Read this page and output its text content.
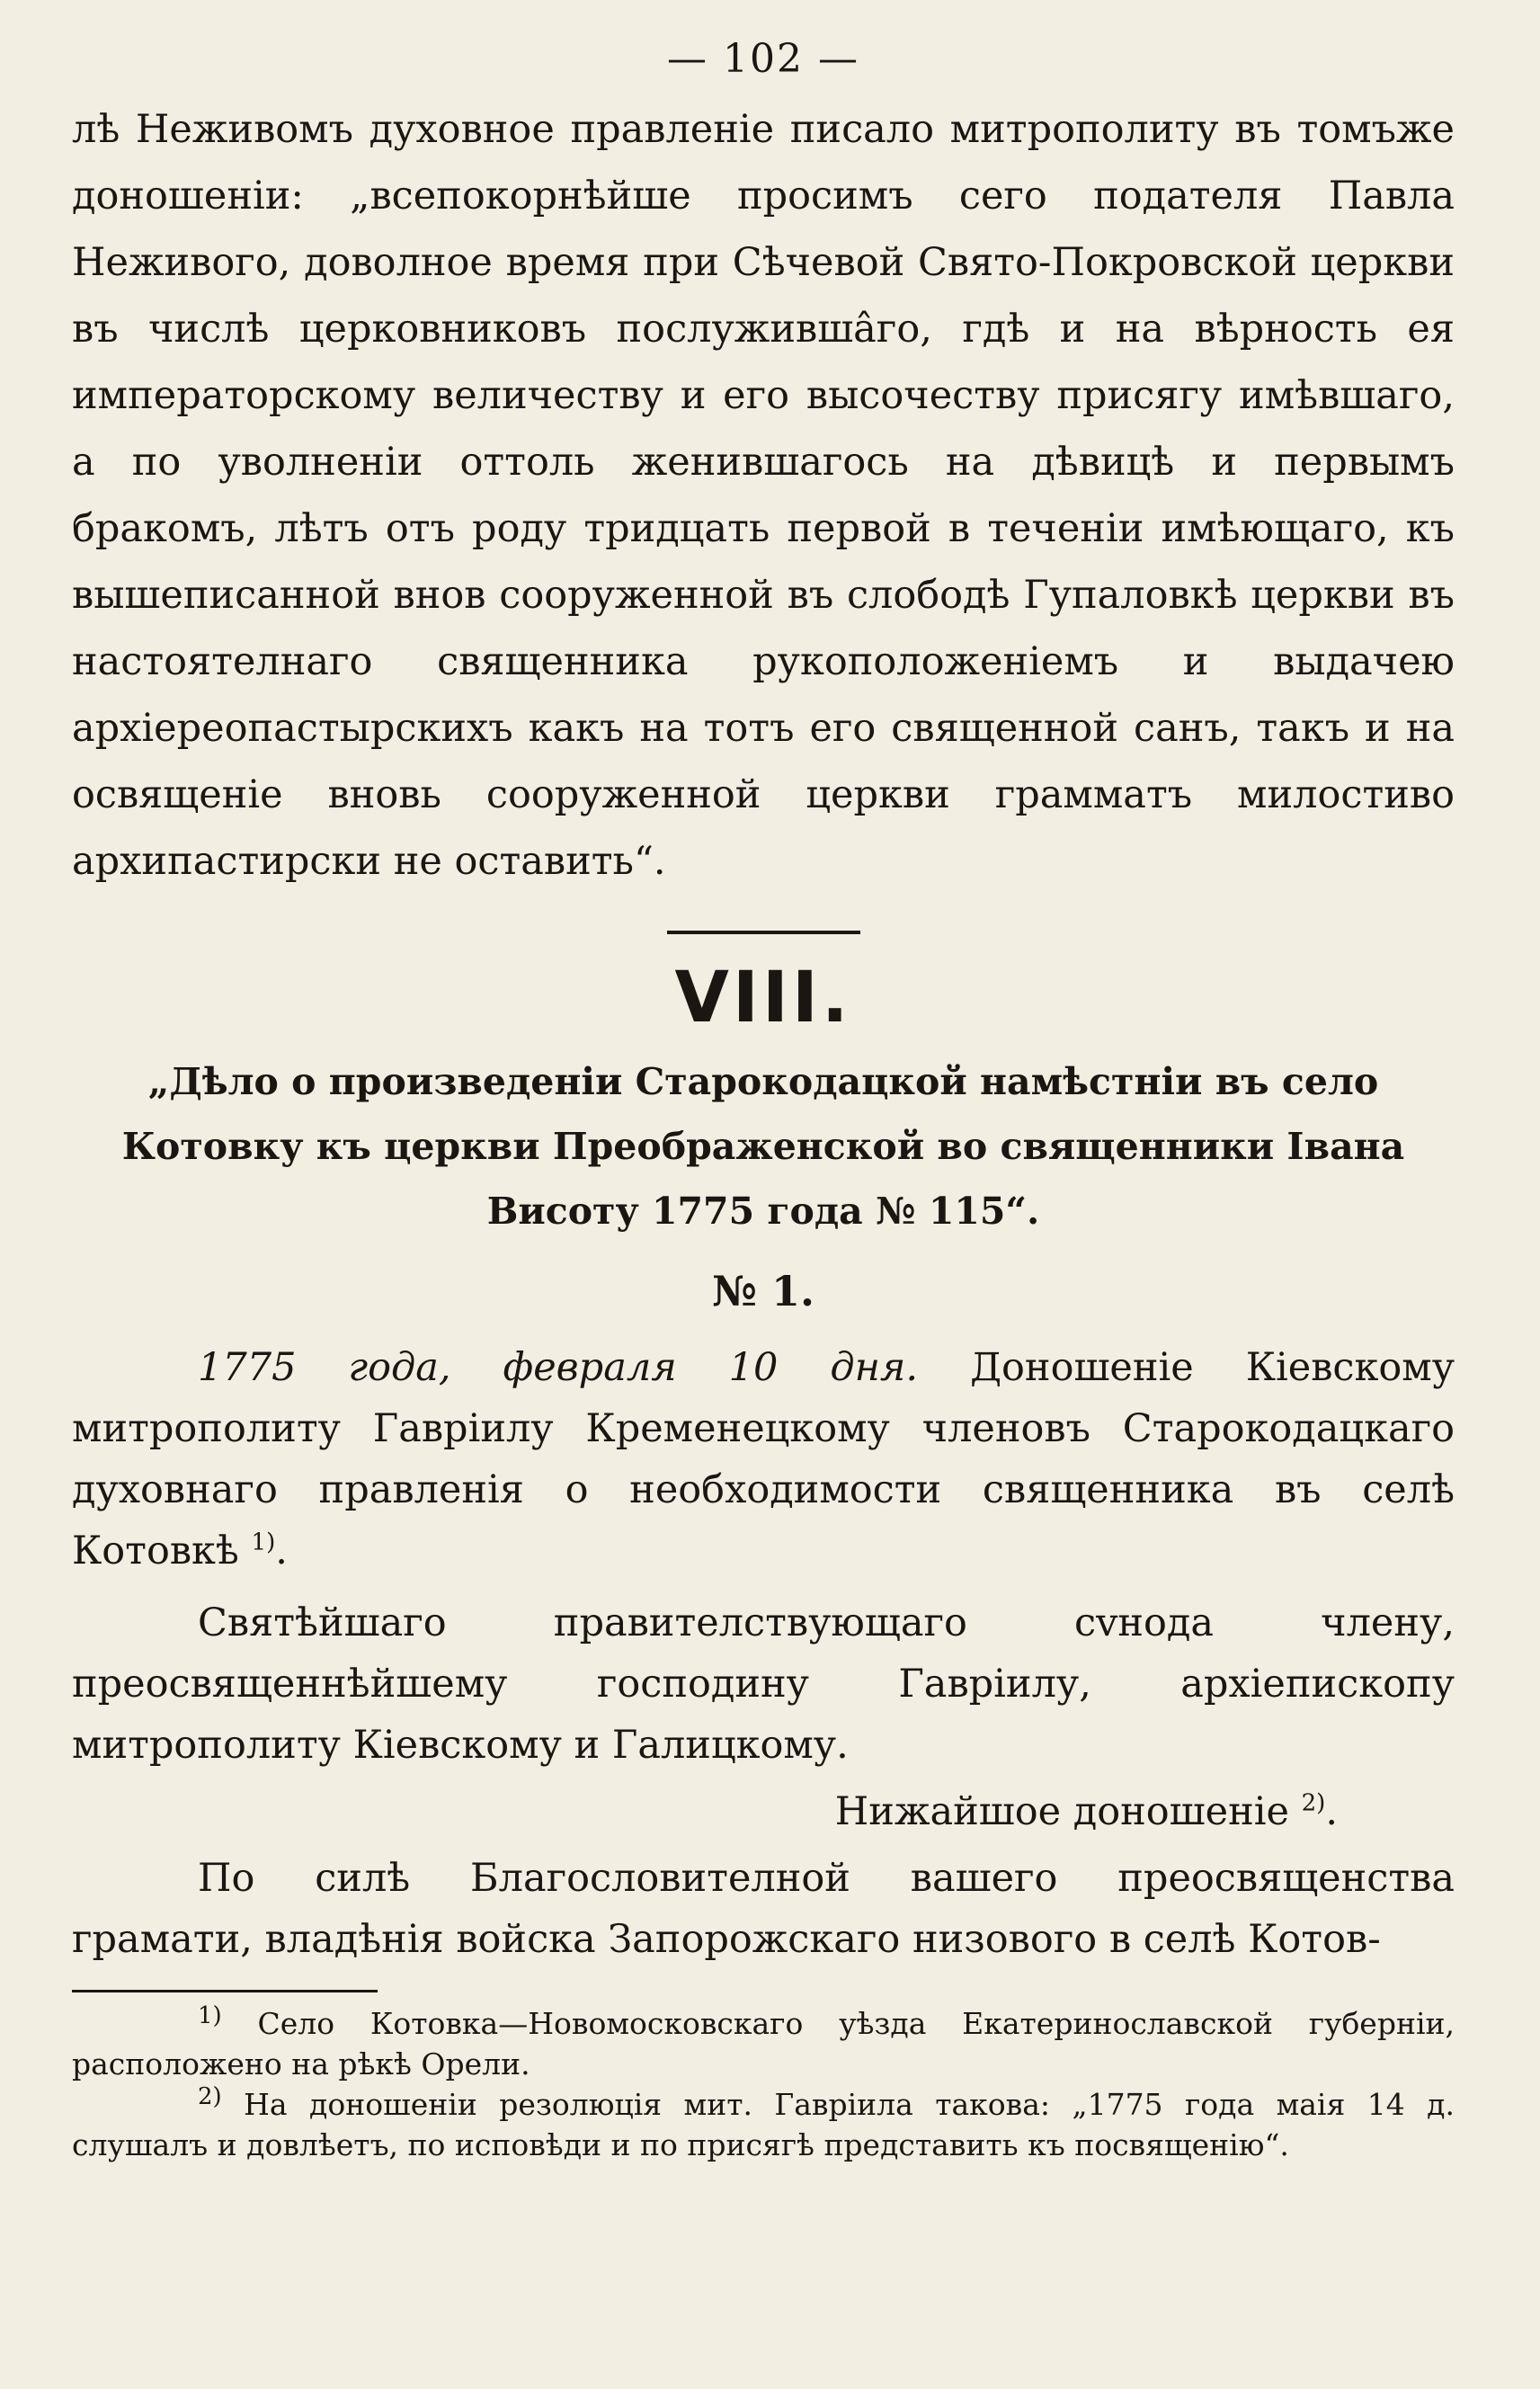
— 102 —

лѣ Неживомъ духовное правленіе писало митрополиту въ томъже доношеніи: „всепокорнѣйше просимъ сего подателя Павла Неживого, доволное время при Сѣчевой Свято-Покровской церкви въ числѣ церковниковъ послуживша̂го, гдѣ и на вѣрность ея императорскому величеству и его высочеству присягу имѣвшаго, а по уволненіи оттоль женившагось на дѣвицѣ и первымъ бракомъ, лѣтъ отъ роду тридцать первой в теченіи имѣющаго, къ вышеписанной внов сооруженной въ слободѣ Гупаловкѣ церкви въ настоятелнаго священника рукоположеніемъ и выдачею архіереопастырскихъ какъ на тотъ его священной санъ, такъ и на освященіе вновь сооруженной церкви грамматъ милостиво архипастирски не оставить“.

VIII.

„Дѣло о произведеніи Старокодацкой намѣстніи въ село Котовку къ церкви Преображенской во священники Івана Висоту 1775 года № 115“.

№ 1.

1775 года, февраля 10 дня. Доношеніе Кіевскому митрополиту Гавріилу Кременецкому членовъ Старокодацкаго духовнаго правленія о необходимости священника въ селѣ Котовкѣ $^{1)}$.

Святѣйшаго правителствующаго сvнода члену, преосвященнѣйшему господину Гавріилу, архіепископу митрополиту Кіевскому и Галицкому.

Нижайшое доношеніе $^{2)}$.

По силѣ Благословителной вашего преосвященства грамати, владѣнія войска Запорожскаго низового в селѣ Котов-

$^{1)}$ Село Котовка—Новомосковскаго уѣзда Екатеринославской губерніи, расположено на рѣкѣ Орели.

$^{2)}$ На доношеніи резолюція мит. Гавріила такова: „1775 года маія 14 д. слушалъ и довлѣетъ, по исповѣди и по присягѣ представить къ посвященію“.
